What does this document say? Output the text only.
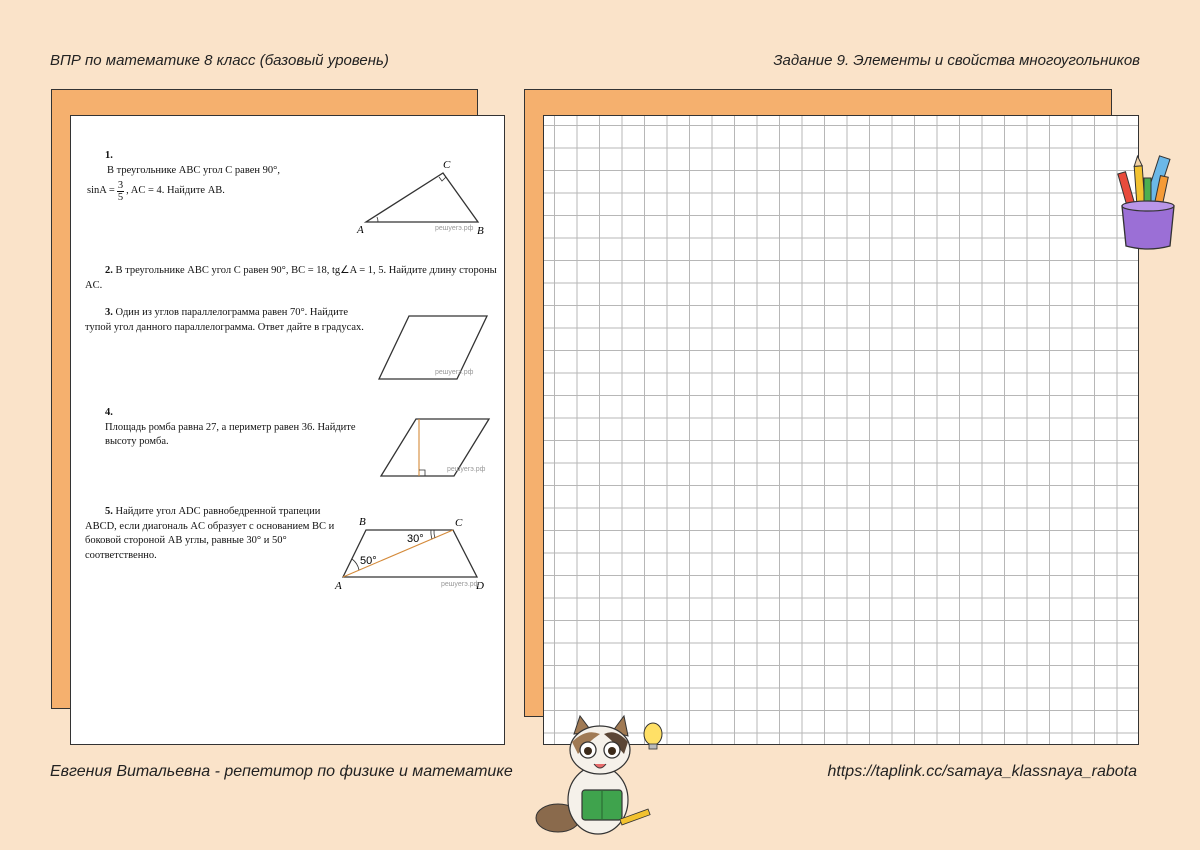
ВПР по математике 8 класс (базовый уровень)	Задание 9. Элементы и свойства многоугольников
1.
В треугольнике ABC угол C равен 90°,
$\sin A = \frac{3}{5}$ , AC = 4. Найдите AB.
A	B
C
решуегэ.рф
2. В треугольнике ABC угол C равен 90°, BC = 18, tg∠A = 1, 5. Найдите длину стороны AC.
3. Один из углов параллелограмма равен 70°. Найдите тупой угол данного параллелограмма. Ответ дайте в градусах.
решуегэ.рф
4.
Площадь ромба равна 27, а периметр равен 36. Найдите высоту ромба.
решуегэ.рф
5. Найдите угол ADC равнобедренной трапеции ABCD, если диагональ AC образует с основанием BC и боковой стороной AB углы, равные 30° и 50° соответственно.
B	C
A	D
30°
50°
решуегэ.рф
Евгения Витальевна - репетитор по физике и математике	https://taplink.cc/samaya_klassnaya_rabota
